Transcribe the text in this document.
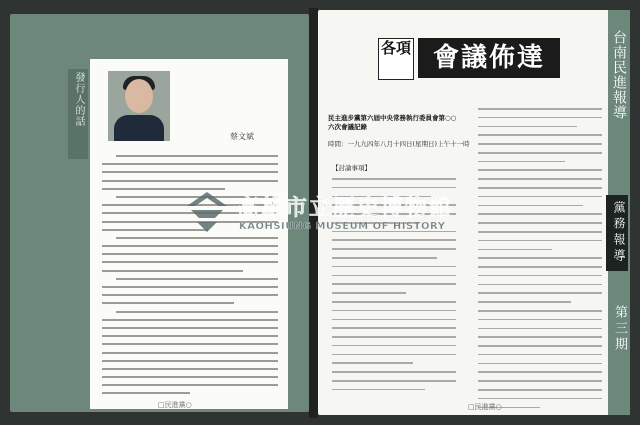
發行人的話
蔡文斌
□民進黨○
各項 會議佈達
民主進步黨第六屆中央常務執行委員會第○○六次會議記錄
時間：一九九四年八月十四日(星期日)上午十一時
【討論事項】
□民進黨○
台南民進報導
黨務報導
第三期
高雄市立歷史博物館
KAOHSIUNG MUSEUM OF HISTORY
